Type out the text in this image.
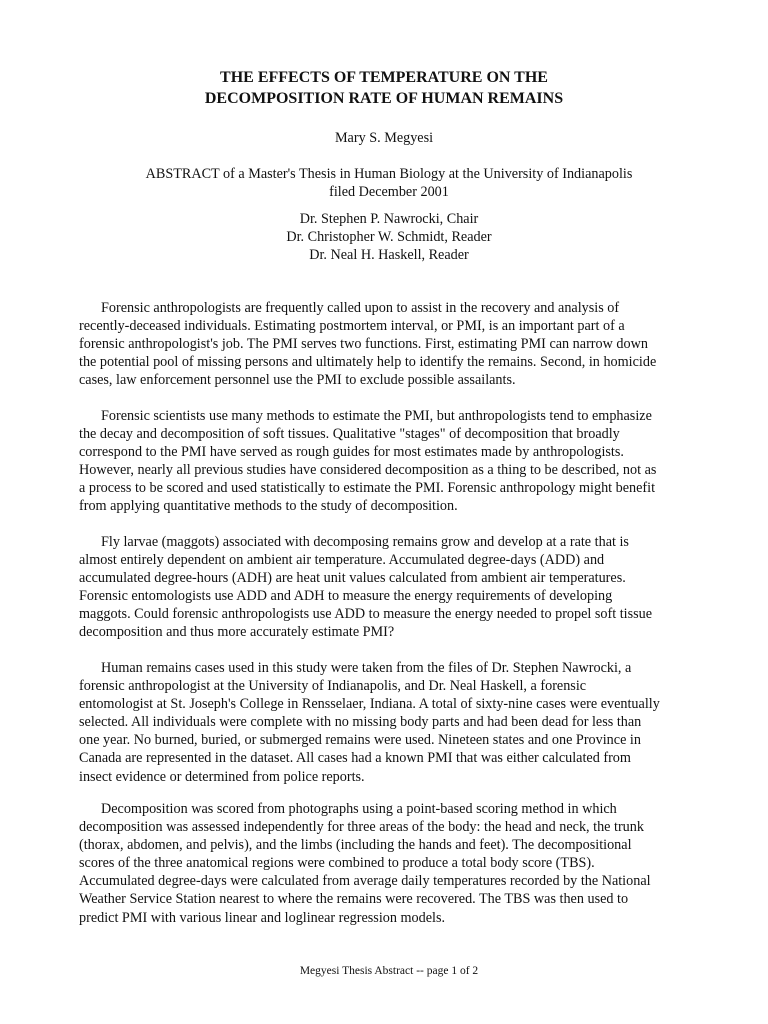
THE EFFECTS OF TEMPERATURE ON THE
DECOMPOSITION RATE OF HUMAN REMAINS

Mary S. Megyesi

ABSTRACT of a Master's Thesis in Human Biology at the University of Indianapolis
filed December 2001

Dr. Stephen P. Nawrocki, Chair
Dr. Christopher W. Schmidt, Reader
Dr. Neal H. Haskell, Reader

Forensic anthropologists are frequently called upon to assist in the recovery and analysis of
recently-deceased individuals. Estimating postmortem interval, or PMI, is an important part of a
forensic anthropologist's job. The PMI serves two functions. First, estimating PMI can narrow down
the potential pool of missing persons and ultimately help to identify the remains. Second, in homicide
cases, law enforcement personnel use the PMI to exclude possible assailants.

Forensic scientists use many methods to estimate the PMI, but anthropologists tend to emphasize
the decay and decomposition of soft tissues. Qualitative "stages" of decomposition that broadly
correspond to the PMI have served as rough guides for most estimates made by anthropologists.
However, nearly all previous studies have considered decomposition as a thing to be described, not as
a process to be scored and used statistically to estimate the PMI. Forensic anthropology might benefit
from applying quantitative methods to the study of decomposition.

Fly larvae (maggots) associated with decomposing remains grow and develop at a rate that is
almost entirely dependent on ambient air temperature. Accumulated degree-days (ADD) and
accumulated degree-hours (ADH) are heat unit values calculated from ambient air temperatures.
Forensic entomologists use ADD and ADH to measure the energy requirements of developing
maggots. Could forensic anthropologists use ADD to measure the energy needed to propel soft tissue
decomposition and thus more accurately estimate PMI?

Human remains cases used in this study were taken from the files of Dr. Stephen Nawrocki, a
forensic anthropologist at the University of Indianapolis, and Dr. Neal Haskell, a forensic
entomologist at St. Joseph's College in Rensselaer, Indiana. A total of sixty-nine cases were eventually
selected. All individuals were complete with no missing body parts and had been dead for less than
one year. No burned, buried, or submerged remains were used. Nineteen states and one Province in
Canada are represented in the dataset. All cases had a known PMI that was either calculated from
insect evidence or determined from police reports.

Decomposition was scored from photographs using a point-based scoring method in which
decomposition was assessed independently for three areas of the body: the head and neck, the trunk
(thorax, abdomen, and pelvis), and the limbs (including the hands and feet). The decompositional
scores of the three anatomical regions were combined to produce a total body score (TBS).
Accumulated degree-days were calculated from average daily temperatures recorded by the National
Weather Service Station nearest to where the remains were recovered. The TBS was then used to
predict PMI with various linear and loglinear regression models.

Megyesi Thesis Abstract -- page 1 of 2
